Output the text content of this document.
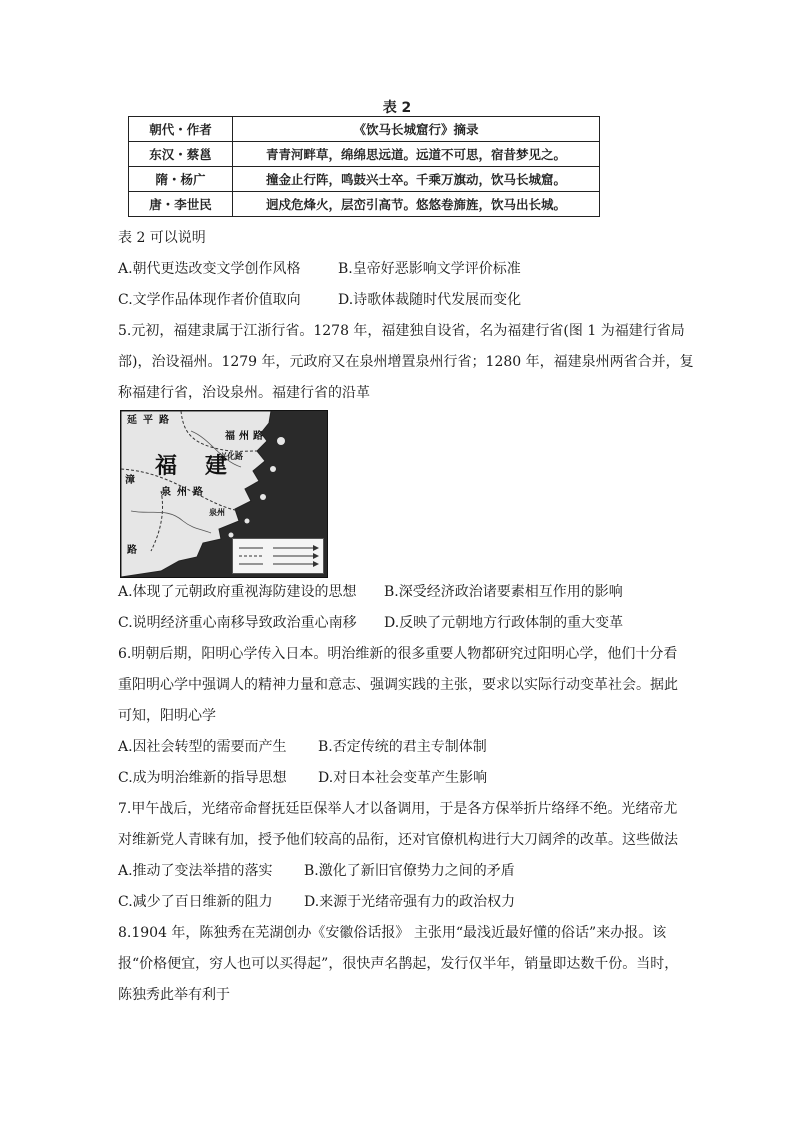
表 2
朝代・作者	《饮马长城窟行》摘录
东汉・蔡邕	青青河畔草，绵绵思远道。远道不可思，宿昔梦见之。
隋・杨广	撞金止行阵，鸣鼓兴士卒。千乘万旗动，饮马长城窟。
唐・李世民	迥戍危烽火，层峦引高节。悠悠卷旆旌，饮马出长城。
表 2 可以说明
A.朝代更迭改变文学创作风格	B.皇帝好恶影响文学评价标准
C.文学作品体现作者价值取向	D.诗歌体裁随时代发展而变化
5.元初，福建隶属于江浙行省。1278 年，福建独自设省，名为福建行省(图 1 为福建行省局
部)，治设福州。1279 年，元政府又在泉州增置泉州行省；1280 年，福建泉州两省合并，复
称福建行省，治设泉州。福建行省的沿革
延 平 路
福 州 路
福 建
漳
泉 州 路
兴化路
泉州
路
A.体现了元朝政府重视海防建设的思想 B.深受经济政治诸要素相互作用的影响
C.说明经济重心南移导致政治重心南移 D.反映了元朝地方行政体制的重大变革
6.明朝后期，阳明心学传入日本。明治维新的很多重要人物都研究过阳明心学，他们十分看
重阳明心学中强调人的精神力量和意志、强调实践的主张，要求以实际行动变革社会。据此
可知，阳明心学
A.因社会转型的需要而产生 B.否定传统的君主专制体制
C.成为明治维新的指导思想 D.对日本社会变革产生影响
7.甲午战后，光绪帝命督抚廷臣保举人才以备调用，于是各方保举折片络绎不绝。光绪帝尤
对维新党人青睐有加，授予他们较高的品衔，还对官僚机构进行大刀阔斧的改革。这些做法
A.推动了变法举措的落实 B.激化了新旧官僚势力之间的矛盾
C.减少了百日维新的阻力 D.来源于光绪帝强有力的政治权力
8.1904 年，陈独秀在芜湖创办《安徽俗话报》 主张用“最浅近最好懂的俗话”来办报。该
报“价格便宜，穷人也可以买得起”，很快声名鹊起，发行仅半年，销量即达数千份。当时，
陈独秀此举有利于
